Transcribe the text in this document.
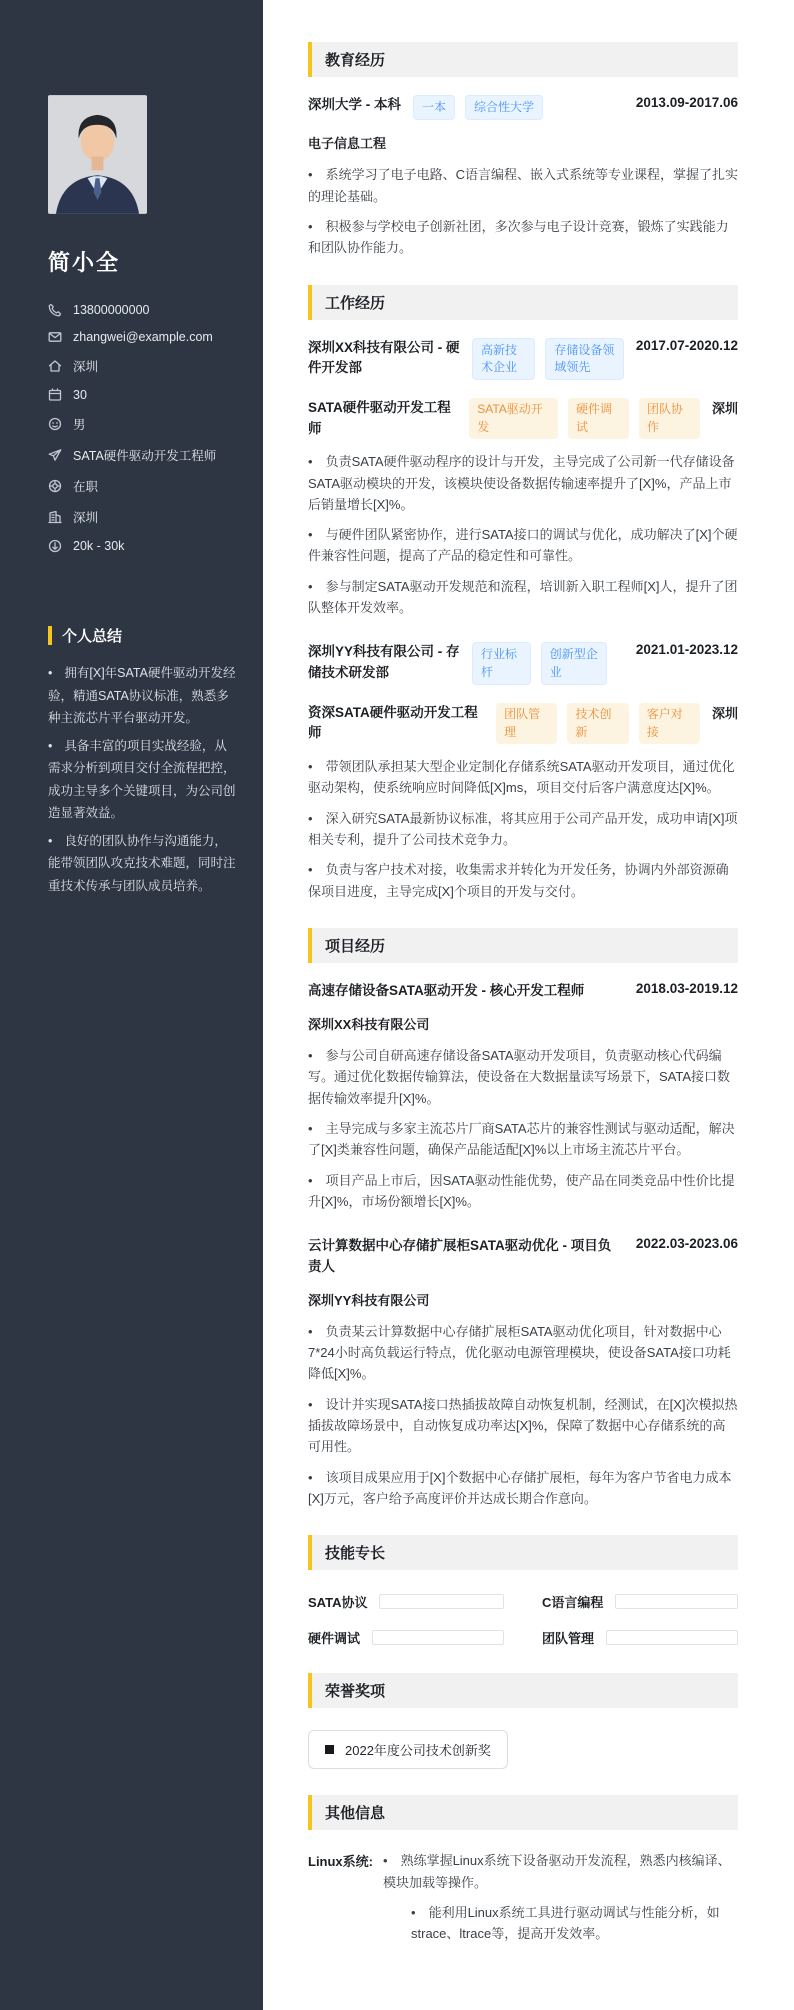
简小全
13800000000
zhangwei@example.com
深圳
30
男
SATA硬件驱动开发工程师
在职
深圳
20k - 30k
个人总结
• 拥有[X]年SATA硬件驱动开发经验，精通SATA协议标准，熟悉多种主流芯片平台驱动开发。
• 具备丰富的项目实战经验，从需求分析到项目交付全流程把控，成功主导多个关键项目，为公司创造显著效益。
• 良好的团队协作与沟通能力，能带领团队攻克技术难题，同时注重技术传承与团队成员培养。
教育经历
深圳大学 - 本科	一本	综合性大学	2013.09-2017.06
电子信息工程
• 系统学习了电子电路、C语言编程、嵌入式系统等专业课程，掌握了扎实的理论基础。
• 积极参与学校电子创新社团，多次参与电子设计竞赛，锻炼了实践能力和团队协作能力。
工作经历
深圳XX科技有限公司 - 硬件开发部
高新技术企业
存储设备领域领先
2017.07-2020.12
SATA硬件驱动开发工程师
SATA驱动开发
硬件调试
团队协作
深圳
• 负责SATA硬件驱动程序的设计与开发，主导完成了公司新一代存储设备SATA驱动模块的开发，该模块使设备数据传输速率提升了[X]%，产品上市后销量增长[X]%。
• 与硬件团队紧密协作，进行SATA接口的调试与优化，成功解决了[X]个硬件兼容性问题，提高了产品的稳定性和可靠性。
• 参与制定SATA驱动开发规范和流程，培训新入职工程师[X]人，提升了团队整体开发效率。
深圳YY科技有限公司 - 存储技术研发部
行业标杆
创新型企业
2021.01-2023.12
资深SATA硬件驱动开发工程师
团队管理
技术创新
客户对接
深圳
• 带领团队承担某大型企业定制化存储系统SATA驱动开发项目，通过优化驱动架构，使系统响应时间降低[X]ms，项目交付后客户满意度达[X]%。
• 深入研究SATA最新协议标准，将其应用于公司产品开发，成功申请[X]项相关专利，提升了公司技术竞争力。
• 负责与客户技术对接，收集需求并转化为开发任务，协调内外部资源确保项目进度，主导完成[X]个项目的开发与交付。
项目经历
高速存储设备SATA驱动开发 - 核心开发工程师	2018.03-2019.12
深圳XX科技有限公司
• 参与公司自研高速存储设备SATA驱动开发项目，负责驱动核心代码编写。通过优化数据传输算法，使设备在大数据量读写场景下，SATA接口数据传输效率提升[X]%。
• 主导完成与多家主流芯片厂商SATA芯片的兼容性测试与驱动适配，解决了[X]类兼容性问题，确保产品能适配[X]%以上市场主流芯片平台。
• 项目产品上市后，因SATA驱动性能优势，使产品在同类竞品中性价比提升[X]%，市场份额增长[X]%。
云计算数据中心存储扩展柜SATA驱动优化 - 项目负责人
2022.03-2023.06
深圳YY科技有限公司
• 负责某云计算数据中心存储扩展柜SATA驱动优化项目，针对数据中心7*24小时高负载运行特点，优化驱动电源管理模块，使设备SATA接口功耗降低[X]%。
• 设计并实现SATA接口热插拔故障自动恢复机制，经测试，在[X]次模拟热插拔故障场景中，自动恢复成功率达[X]%，保障了数据中心存储系统的高可用性。
• 该项目成果应用于[X]个数据中心存储扩展柜，每年为客户节省电力成本[X]万元，客户给予高度评价并达成长期合作意向。
技能专长
SATA协议	C语言编程
硬件调试	团队管理
荣誉奖项
2022年度公司技术创新奖
其他信息
Linux系统:	• 熟练掌握Linux系统下设备驱动开发流程，熟悉内核编译、模块加载等操作。
• 能利用Linux系统工具进行驱动调试与性能分析，如strace、ltrace等，提高开发效率。
